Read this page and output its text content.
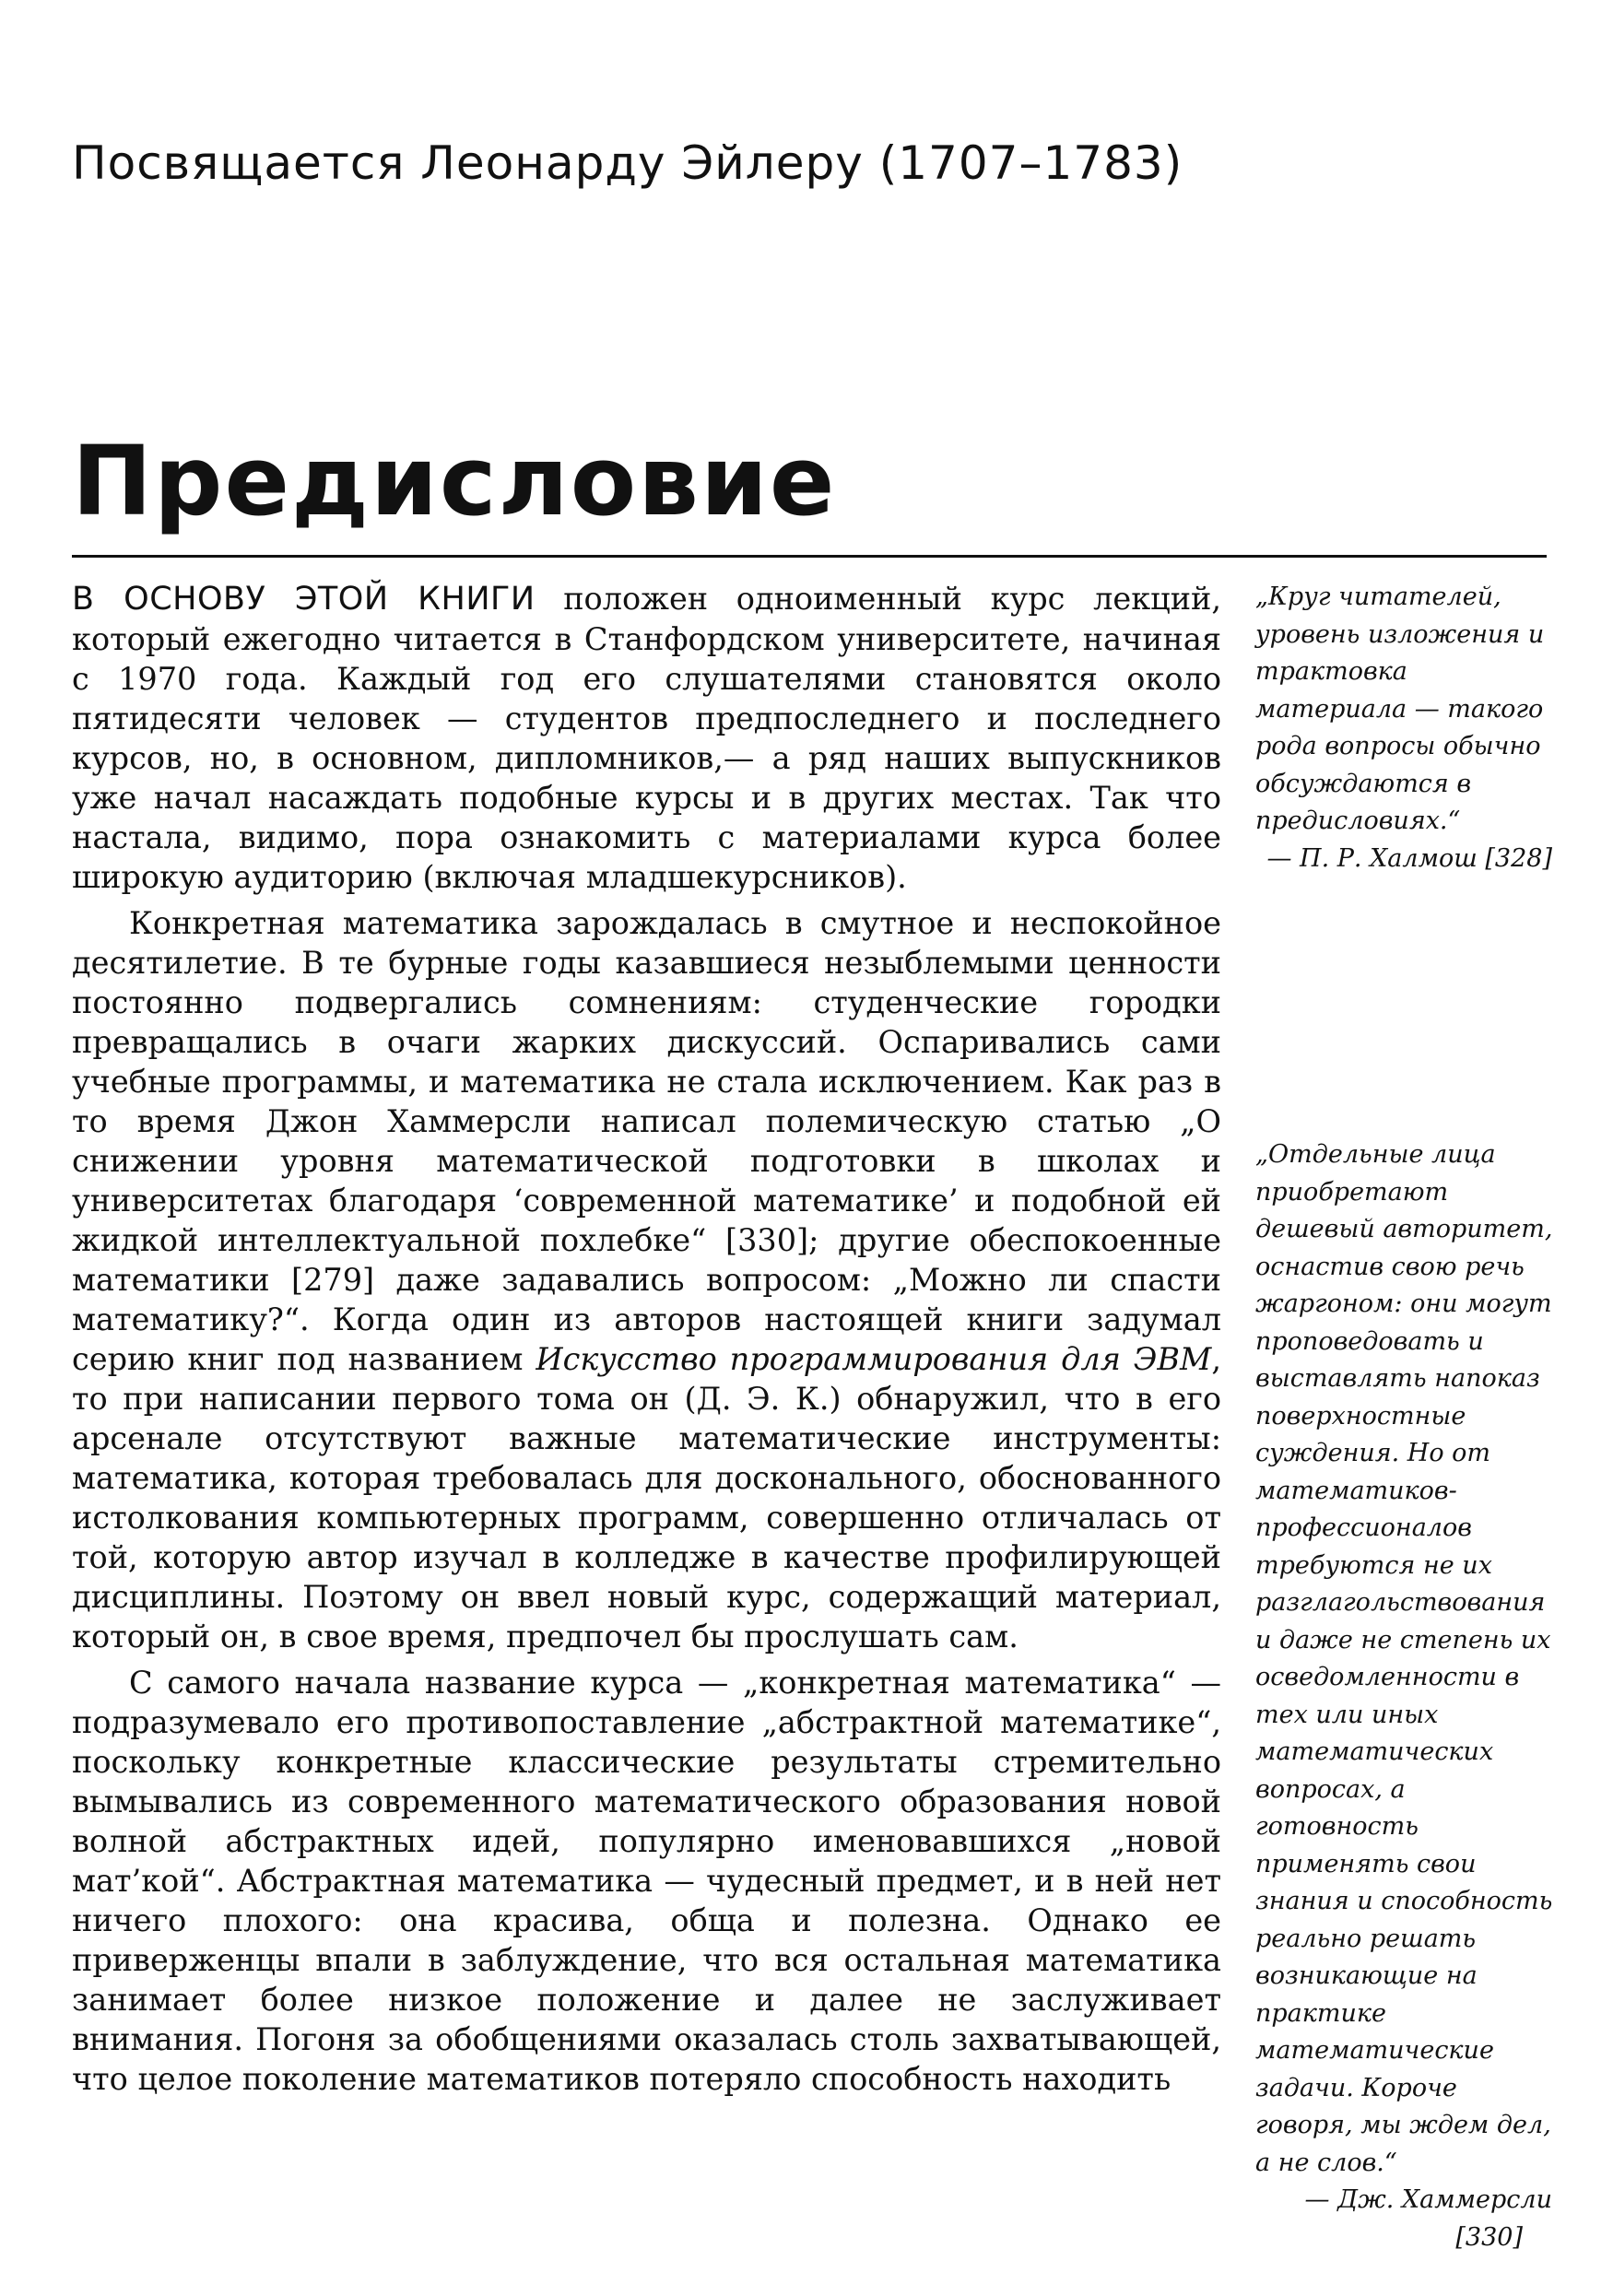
Посвящается Леонарду Эйлеру (1707–1783)
Предисловие

В ОСНОВУ ЭТОЙ КНИГИ положен одноименный курс лекций, который ежегодно читается в Станфордском университете, начиная с 1970 года. Каждый год его слушателями становятся около пятидесяти человек — студентов предпоследнего и последнего курсов, но, в основном, дипломников,— а ряд наших выпускников уже начал насаждать подобные курсы и в других местах. Так что настала, видимо, пора ознакомить с материалами курса более широкую аудиторию (включая младшекурсников).

Конкретная математика зарождалась в смутное и неспокойное десятилетие. В те бурные годы казавшиеся незыблемыми ценности постоянно подвергались сомнениям: студенческие городки превращались в очаги жарких дискуссий. Оспаривались сами учебные программы, и математика не стала исключением. Как раз в то время Джон Хаммерсли написал полемическую статью „О снижении уровня математической подготовки в школах и университетах благодаря ‘современной математике’ и подобной ей жидкой интеллектуальной похлебке“ [330]; другие обеспокоенные математики [279] даже задавались вопросом: „Можно ли спасти математику?“. Когда один из авторов настоящей книги задумал серию книг под названием Искусство программирования для ЭВМ, то при написании первого тома он (Д. Э. К.) обнаружил, что в его арсенале отсутствуют важные математические инструменты: математика, которая требовалась для досконального, обоснованного истолкования компьютерных программ, совершенно отличалась от той, которую автор изучал в колледже в качестве профилирующей дисциплины. Поэтому он ввел новый курс, содержащий материал, который он, в свое время, предпочел бы прослушать сам.

С самого начала название курса — „конкретная математика“ — подразумевало его противопоставление „абстрактной математике“, поскольку конкретные классические результаты стремительно вымывались из современного математического образования новой волной абстрактных идей, популярно именовавшихся „новой мат’кой“. Абстрактная математика — чудесный предмет, и в ней нет ничего плохого: она красива, обща и полезна. Однако ее приверженцы впали в заблуждение, что вся остальная математика занимает более низкое положение и далее не заслуживает внимания. Погоня за обобщениями оказалась столь захватывающей, что целое поколение математиков потеряло способность находить

„Круг читателей, уровень изложения и трактовка материала — такого рода вопросы обычно обсуждаются в предисловиях.“
— П. Р. Халмош [328]
„Отдельные лица приобретают дешевый авторитет, оснастив свою речь жаргоном: они могут проповедовать и выставлять напоказ поверхностные суждения. Но от математиков-профессионалов требуются не их разглагольствования и даже не степень их осведомленности в тех или иных математических вопросах, а готовность применять свои знания и способность реально решать возникающие на практике математические задачи. Короче говоря, мы ждем дел, а не слов.“
— Дж. Хаммерсли
[330]
